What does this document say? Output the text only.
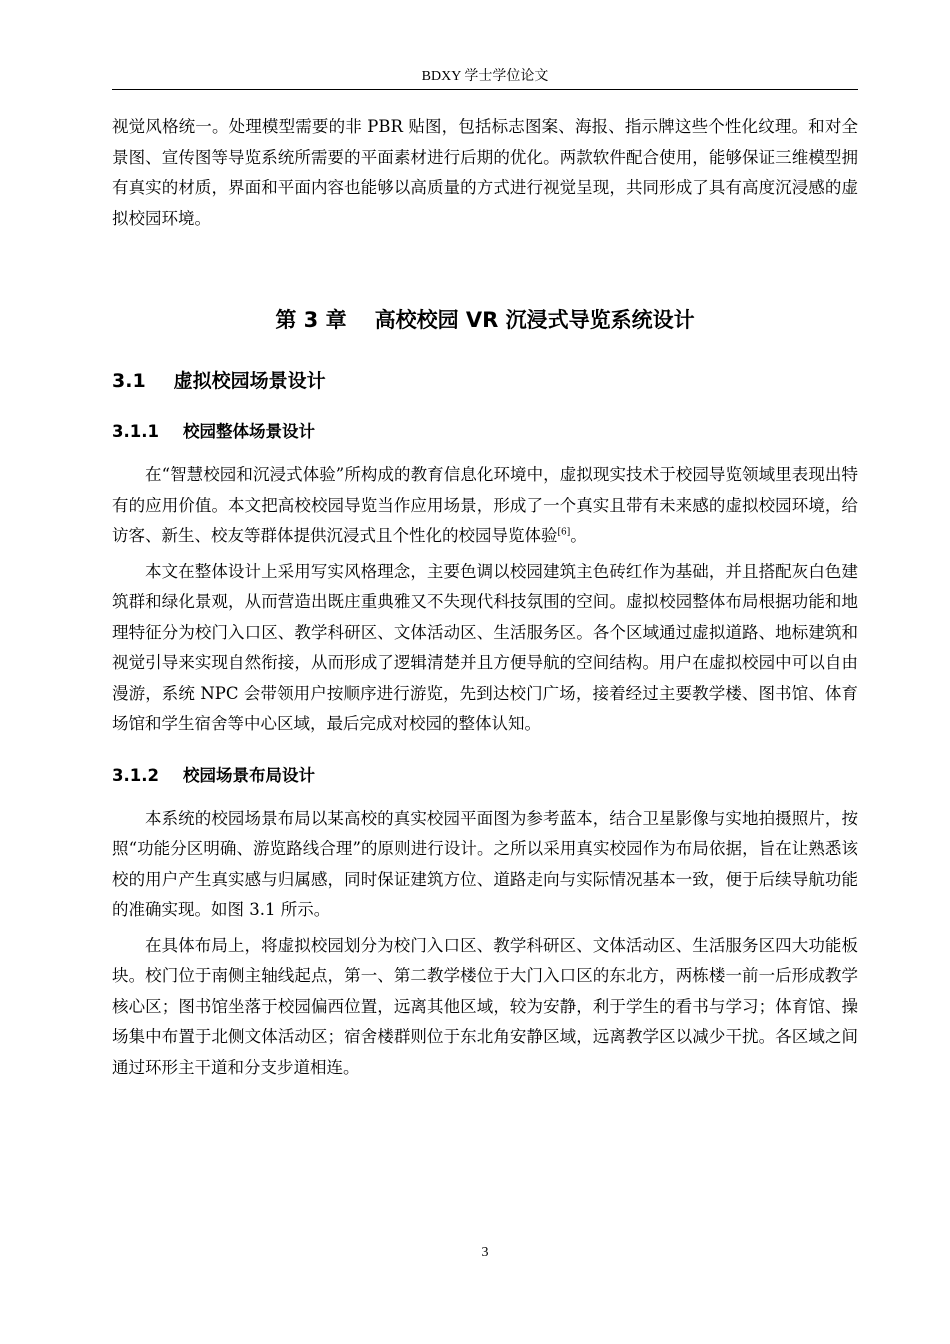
BDXY 学士学位论文

视觉风格统一。处理模型需要的非 PBR 贴图，包括标志图案、海报、指示牌这些个性化纹理。和对全景图、宣传图等导览系统所需要的平面素材进行后期的优化。两款软件配合使用，能够保证三维模型拥有真实的材质，界面和平面内容也能够以高质量的方式进行视觉呈现，共同形成了具有高度沉浸感的虚拟校园环境。

第 3 章 高校校园 VR 沉浸式导览系统设计
3.1 虚拟校园场景设计
3.1.1 校园整体场景设计

在“智慧校园和沉浸式体验”所构成的教育信息化环境中，虚拟现实技术于校园导览领域里表现出特有的应用价值。本文把高校校园导览当作应用场景，形成了一个真实且带有未来感的虚拟校园环境，给访客、新生、校友等群体提供沉浸式且个性化的校园导览体验[6]。

本文在整体设计上采用写实风格理念，主要色调以校园建筑主色砖红作为基础，并且搭配灰白色建筑群和绿化景观，从而营造出既庄重典雅又不失现代科技氛围的空间。虚拟校园整体布局根据功能和地理特征分为校门入口区、教学科研区、文体活动区、生活服务区。各个区域通过虚拟道路、地标建筑和视觉引导来实现自然衔接，从而形成了逻辑清楚并且方便导航的空间结构。用户在虚拟校园中可以自由漫游，系统 NPC 会带领用户按顺序进行游览，先到达校门广场，接着经过主要教学楼、图书馆、体育场馆和学生宿舍等中心区域，最后完成对校园的整体认知。

3.1.2 校园场景布局设计

本系统的校园场景布局以某高校的真实校园平面图为参考蓝本，结合卫星影像与实地拍摄照片，按照“功能分区明确、游览路线合理”的原则进行设计。之所以采用真实校园作为布局依据，旨在让熟悉该校的用户产生真实感与归属感，同时保证建筑方位、道路走向与实际情况基本一致，便于后续导航功能的准确实现。如图 3.1 所示。

在具体布局上，将虚拟校园划分为校门入口区、教学科研区、文体活动区、生活服务区四大功能板块。校门位于南侧主轴线起点，第一、第二教学楼位于大门入口区的东北方，两栋楼一前一后形成教学核心区；图书馆坐落于校园偏西位置，远离其他区域，较为安静，利于学生的看书与学习；体育馆、操场集中布置于北侧文体活动区；宿舍楼群则位于东北角安静区域，远离教学区以减少干扰。各区域之间通过环形主干道和分支步道相连。

3
